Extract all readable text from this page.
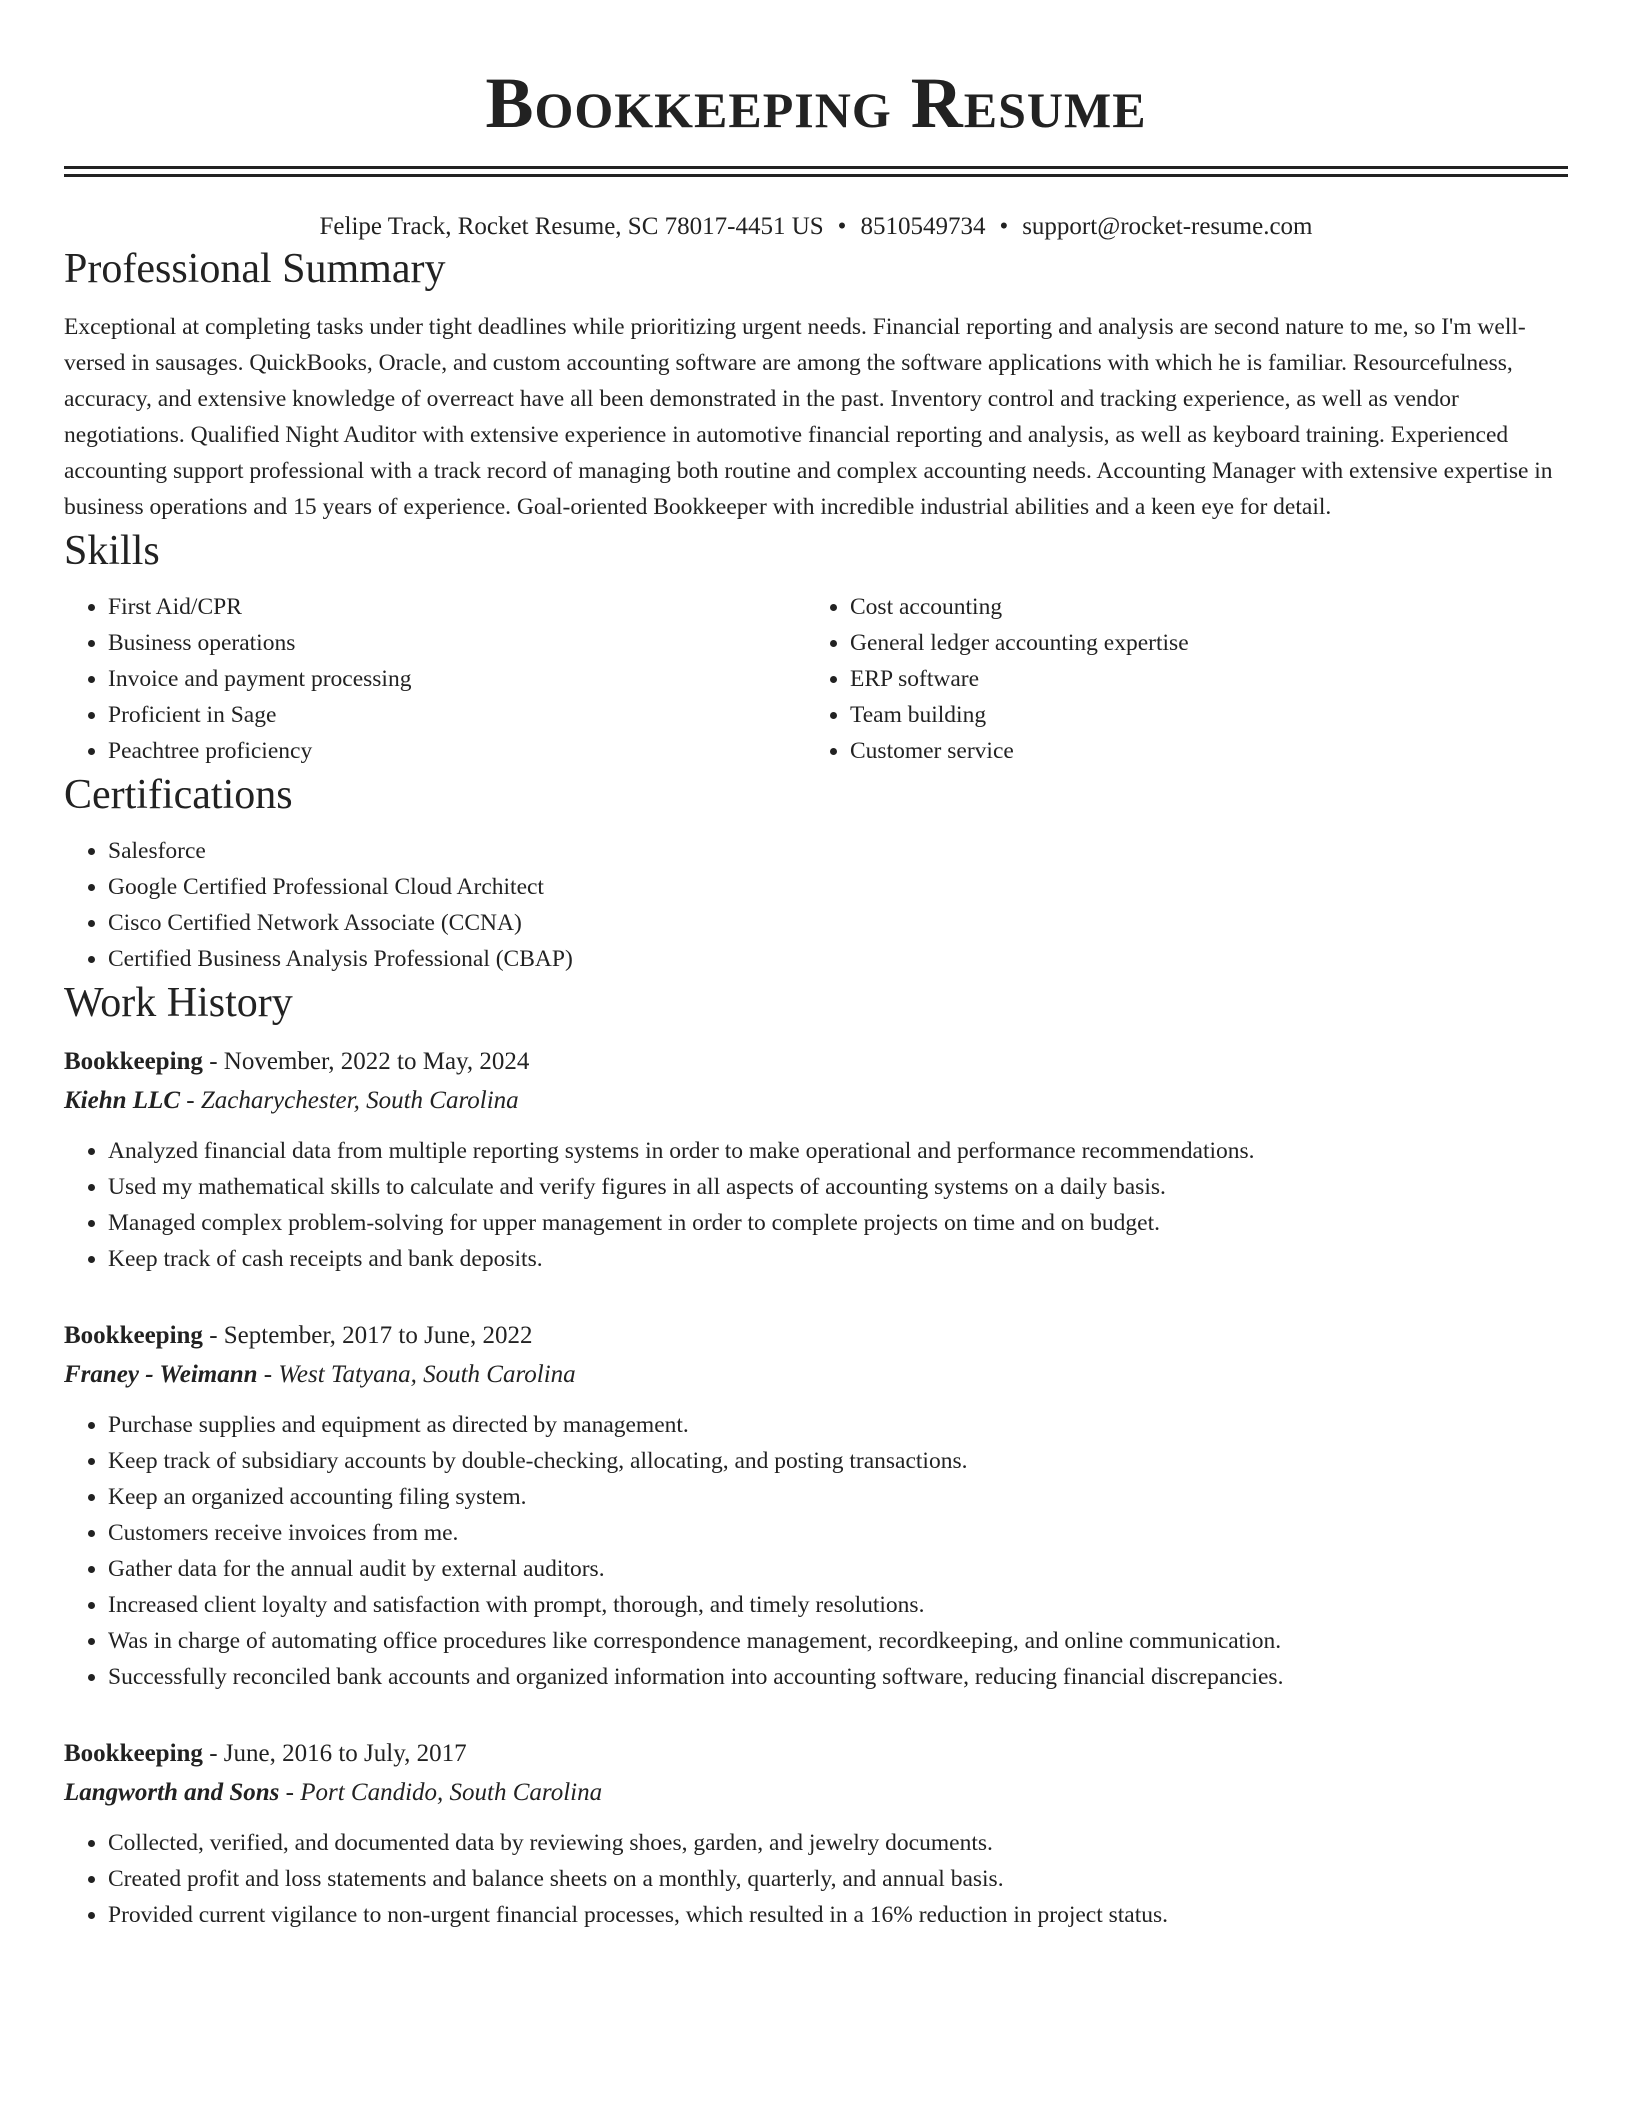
Bookkeeping Resume
Felipe Track, Rocket Resume, SC 78017-4451 US • 8510549734 • support@rocket-resume.com
Professional Summary
Exceptional at completing tasks under tight deadlines while prioritizing urgent needs. Financial reporting and analysis are second nature to me, so I'm well-versed in sausages. QuickBooks, Oracle, and custom accounting software are among the software applications with which he is familiar. Resourcefulness, accuracy, and extensive knowledge of overreact have all been demonstrated in the past. Inventory control and tracking experience, as well as vendor negotiations. Qualified Night Auditor with extensive experience in automotive financial reporting and analysis, as well as keyboard training. Experienced accounting support professional with a track record of managing both routine and complex accounting needs. Accounting Manager with extensive expertise in business operations and 15 years of experience. Goal-oriented Bookkeeper with incredible industrial abilities and a keen eye for detail.
Skills
• First Aid/CPR
• Business operations
• Invoice and payment processing
• Proficient in Sage
• Peachtree proficiency
• Cost accounting
• General ledger accounting expertise
• ERP software
• Team building
• Customer service
Certifications
• Salesforce
• Google Certified Professional Cloud Architect
• Cisco Certified Network Associate (CCNA)
• Certified Business Analysis Professional (CBAP)
Work History
Bookkeeping - November, 2022 to May, 2024
Kiehn LLC - Zacharychester, South Carolina
• Analyzed financial data from multiple reporting systems in order to make operational and performance recommendations.
• Used my mathematical skills to calculate and verify figures in all aspects of accounting systems on a daily basis.
• Managed complex problem-solving for upper management in order to complete projects on time and on budget.
• Keep track of cash receipts and bank deposits.
Bookkeeping - September, 2017 to June, 2022
Franey - Weimann - West Tatyana, South Carolina
• Purchase supplies and equipment as directed by management.
• Keep track of subsidiary accounts by double-checking, allocating, and posting transactions.
• Keep an organized accounting filing system.
• Customers receive invoices from me.
• Gather data for the annual audit by external auditors.
• Increased client loyalty and satisfaction with prompt, thorough, and timely resolutions.
• Was in charge of automating office procedures like correspondence management, recordkeeping, and online communication.
• Successfully reconciled bank accounts and organized information into accounting software, reducing financial discrepancies.
Bookkeeping - June, 2016 to July, 2017
Langworth and Sons - Port Candido, South Carolina
• Collected, verified, and documented data by reviewing shoes, garden, and jewelry documents.
• Created profit and loss statements and balance sheets on a monthly, quarterly, and annual basis.
• Provided current vigilance to non-urgent financial processes, which resulted in a 16% reduction in project status.
